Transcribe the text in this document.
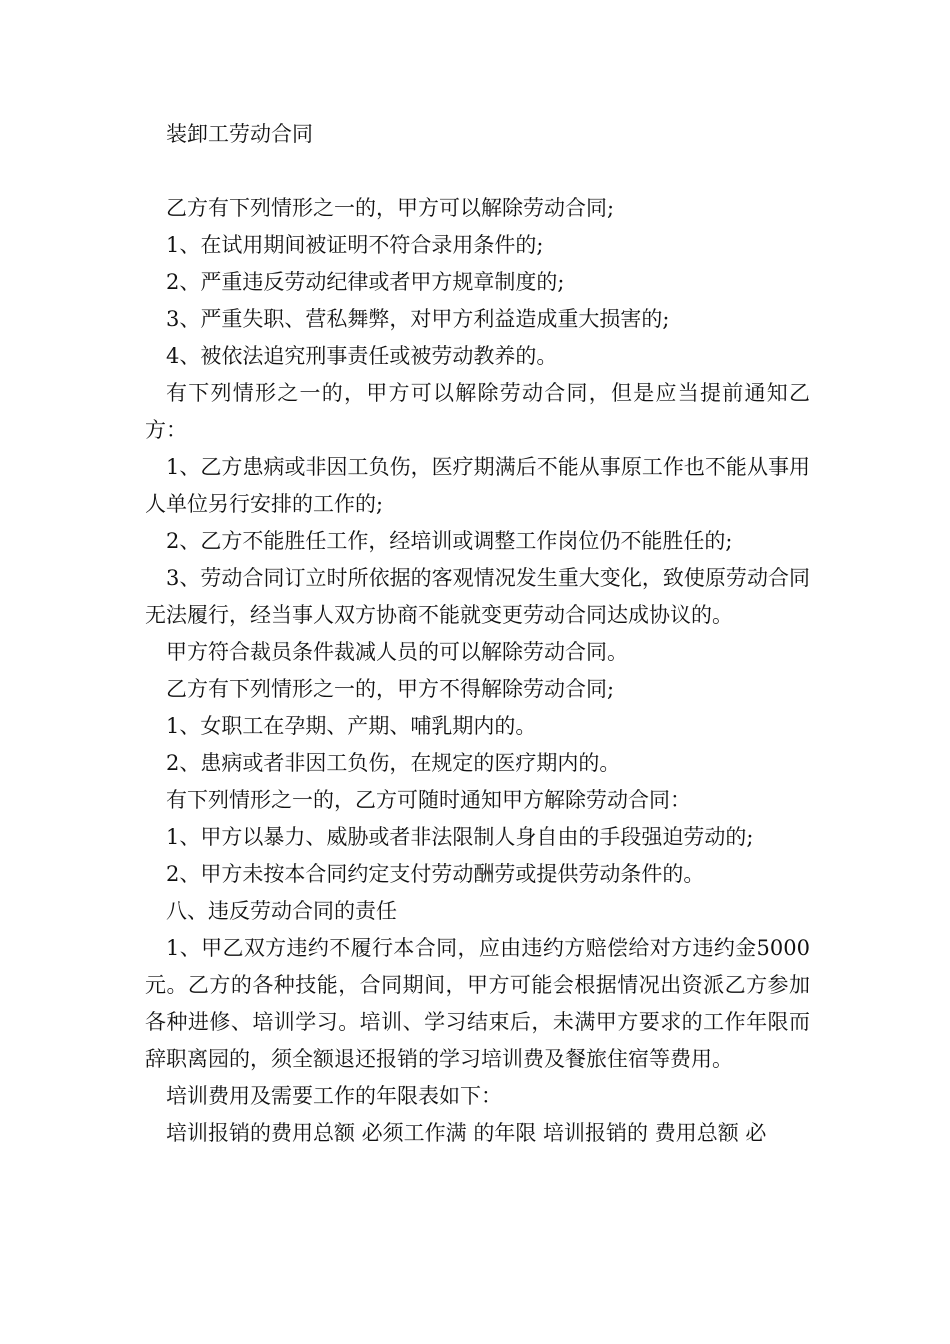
装卸工劳动合同

乙方有下列情形之一的，甲方可以解除劳动合同;

1、在试用期间被证明不符合录用条件的;

2、严重违反劳动纪律或者甲方规章制度的;

3、严重失职、营私舞弊，对甲方利益造成重大损害的;

4、被依法追究刑事责任或被劳动教养的。

有下列情形之一的，甲方可以解除劳动合同，但是应当提前通知乙方：

1、乙方患病或非因工负伤，医疗期满后不能从事原工作也不能从事用人单位另行安排的工作的;

2、乙方不能胜任工作，经培训或调整工作岗位仍不能胜任的;

3、劳动合同订立时所依据的客观情况发生重大变化，致使原劳动合同无法履行，经当事人双方协商不能就变更劳动合同达成协议的。

甲方符合裁员条件裁减人员的可以解除劳动合同。

乙方有下列情形之一的，甲方不得解除劳动合同;

1、女职工在孕期、产期、哺乳期内的。

2、患病或者非因工负伤，在规定的医疗期内的。

有下列情形之一的，乙方可随时通知甲方解除劳动合同：

1、甲方以暴力、威胁或者非法限制人身自由的手段强迫劳动的;

2、甲方未按本合同约定支付劳动酬劳或提供劳动条件的。

八、违反劳动合同的责任

1、甲乙双方违约不履行本合同，应由违约方赔偿给对方违约金5000元。乙方的各种技能，合同期间，甲方可能会根据情况出资派乙方参加各种进修、培训学习。培训、学习结束后，未满甲方要求的工作年限而辞职离园的，须全额退还报销的学习培训费及餐旅住宿等费用。

培训费用及需要工作的年限表如下：

培训报销的费用总额 必须工作满 的年限 培训报销的 费用总额 必
